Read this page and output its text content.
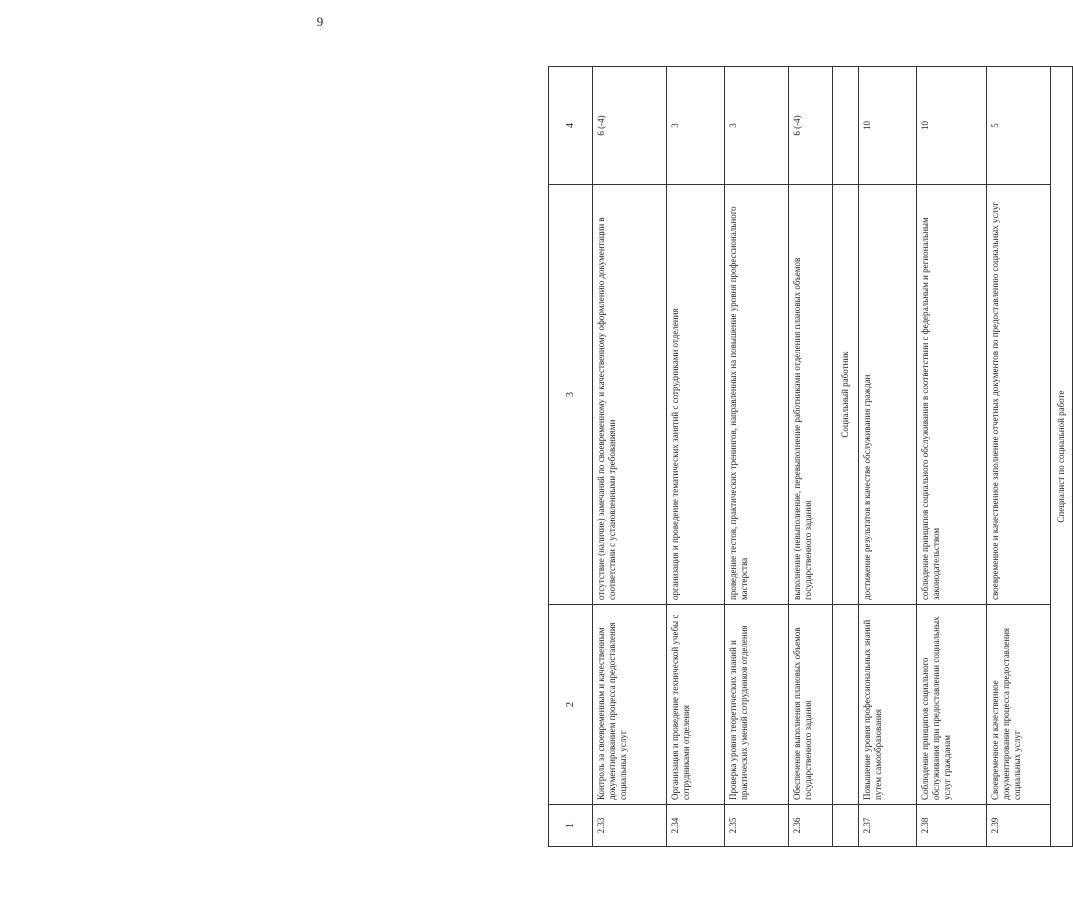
9
1	2	3	4
2.33	Контроль за своевременным и качественным документированием процесса предоставления социальных услуг	отсутствие (наличие) замечаний по своевременному и качественному оформлению документации в соответствии с установленными требованиями	6 (-4)
2.34	Организация и проведение технической учебы с сотрудниками отделения	организация и проведение тематических занятий с сотрудниками отделения	3
2.35	Проверка уровня теоретических знаний и практических умений сотрудников отделения	проведение тестов, практических тренингов, направленных на повышение уровня профессионального мастерства	3
2.36	Обеспечение выполнения плановых объемов государственного задания	выполнение (невыполнение, перевыполнение работниками отделения плановых объемов государственного задания	6 (-4)
		Социальный работник	
2.37	Повышение уровня профессиональных знаний путем самообразования	достижение результатов в качестве обслуживания граждан	10
2.38	Соблюдение принципов социального обслуживания при предоставлении социальных услуг гражданам	соблюдение принципов социального обслуживания в соответствии с федеральным и региональным законодательством	10
2.39	Своевременное и качественное документирование процесса предоставления социальных услуг	своевременное и качественное заполнение отчетных документов по предоставлению социальных услуг	5
Специалист по социальной работе			
